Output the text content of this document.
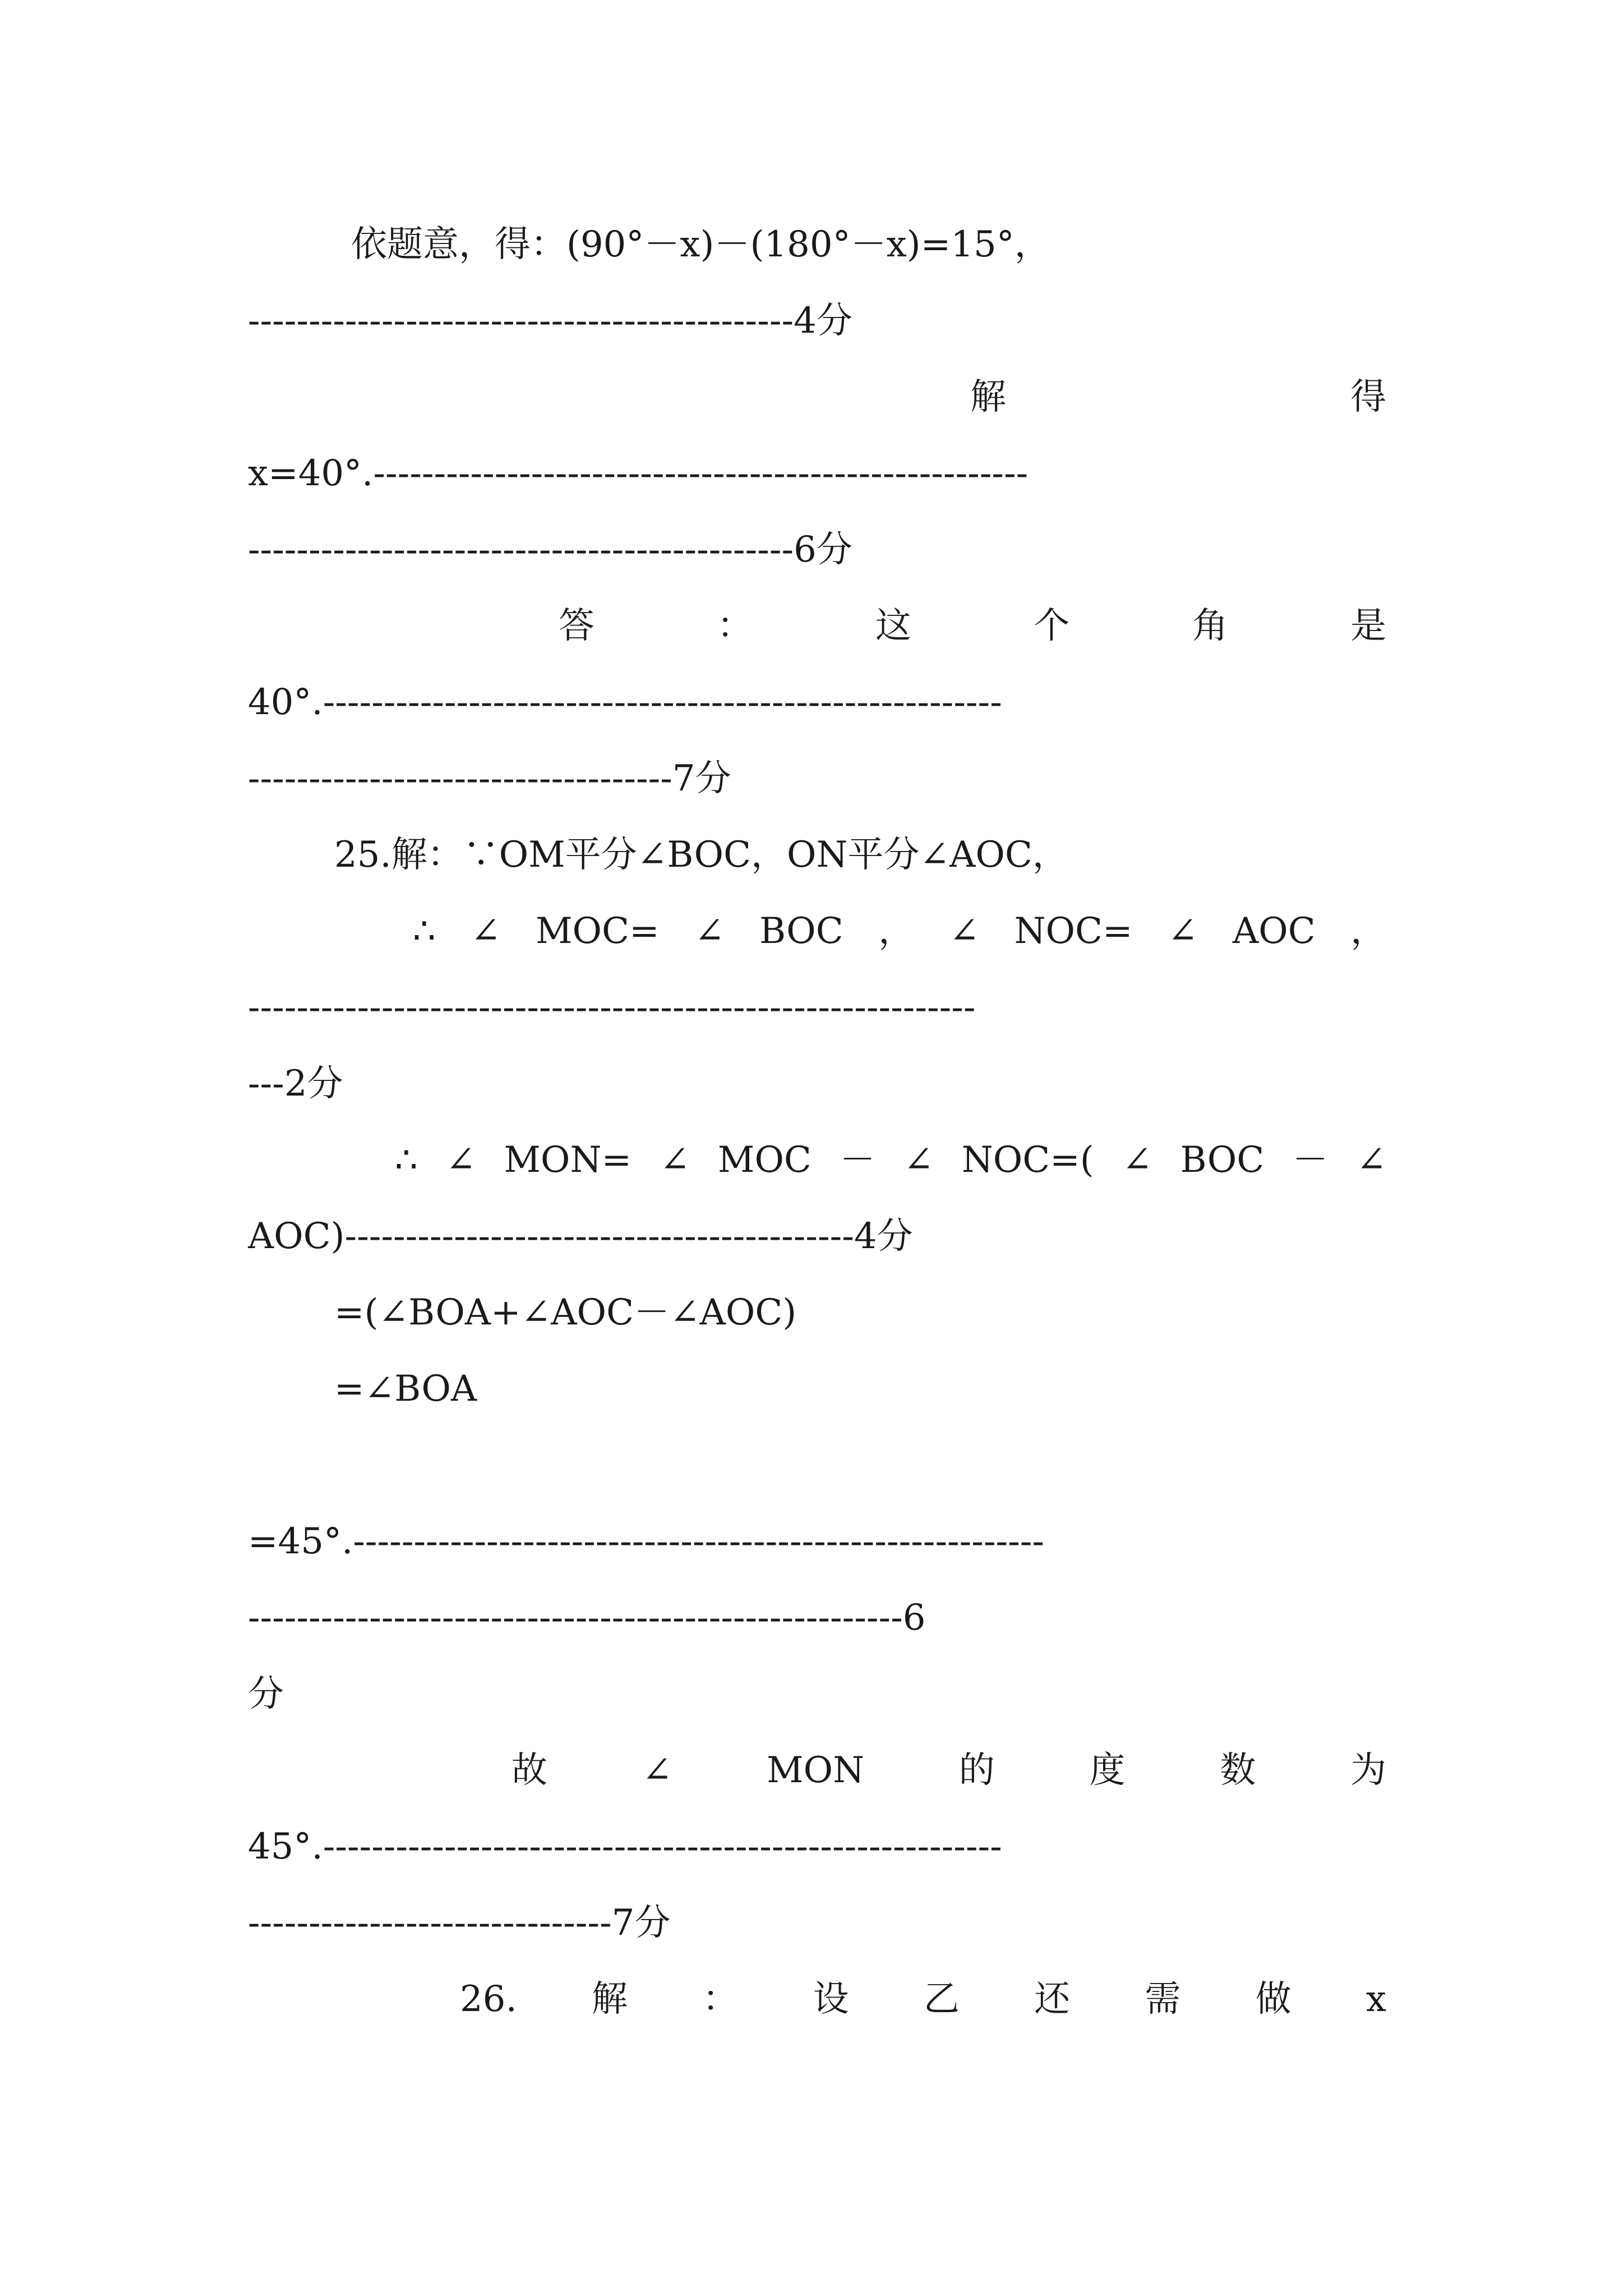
依题意，得：(90°－x)－(180°－x)=15°，
---------------------------------------------4分
解	得
x=40°.------------------------------------------------------
---------------------------------------------6分
答	：	这	个	角	是
40°.--------------------------------------------------------
-----------------------------------7分
25.解：∵OM平分∠BOC，ON平分∠AOC，
∴ ∠ MOC= ∠ BOC ， ∠ NOC= ∠ AOC ，
------------------------------------------------------------
---2分
∴ ∠ MON= ∠ MOC － ∠ NOC=( ∠ BOC － ∠
AOC)------------------------------------------4分
=(∠BOA+∠AOC－∠AOC)
=∠BOA
=45°.---------------------------------------------------------
------------------------------------------------------6
分
故	∠	MON	的	度	数	为
45°.--------------------------------------------------------
------------------------------7分
26. 解 ： 设 乙 还 需 做 x
